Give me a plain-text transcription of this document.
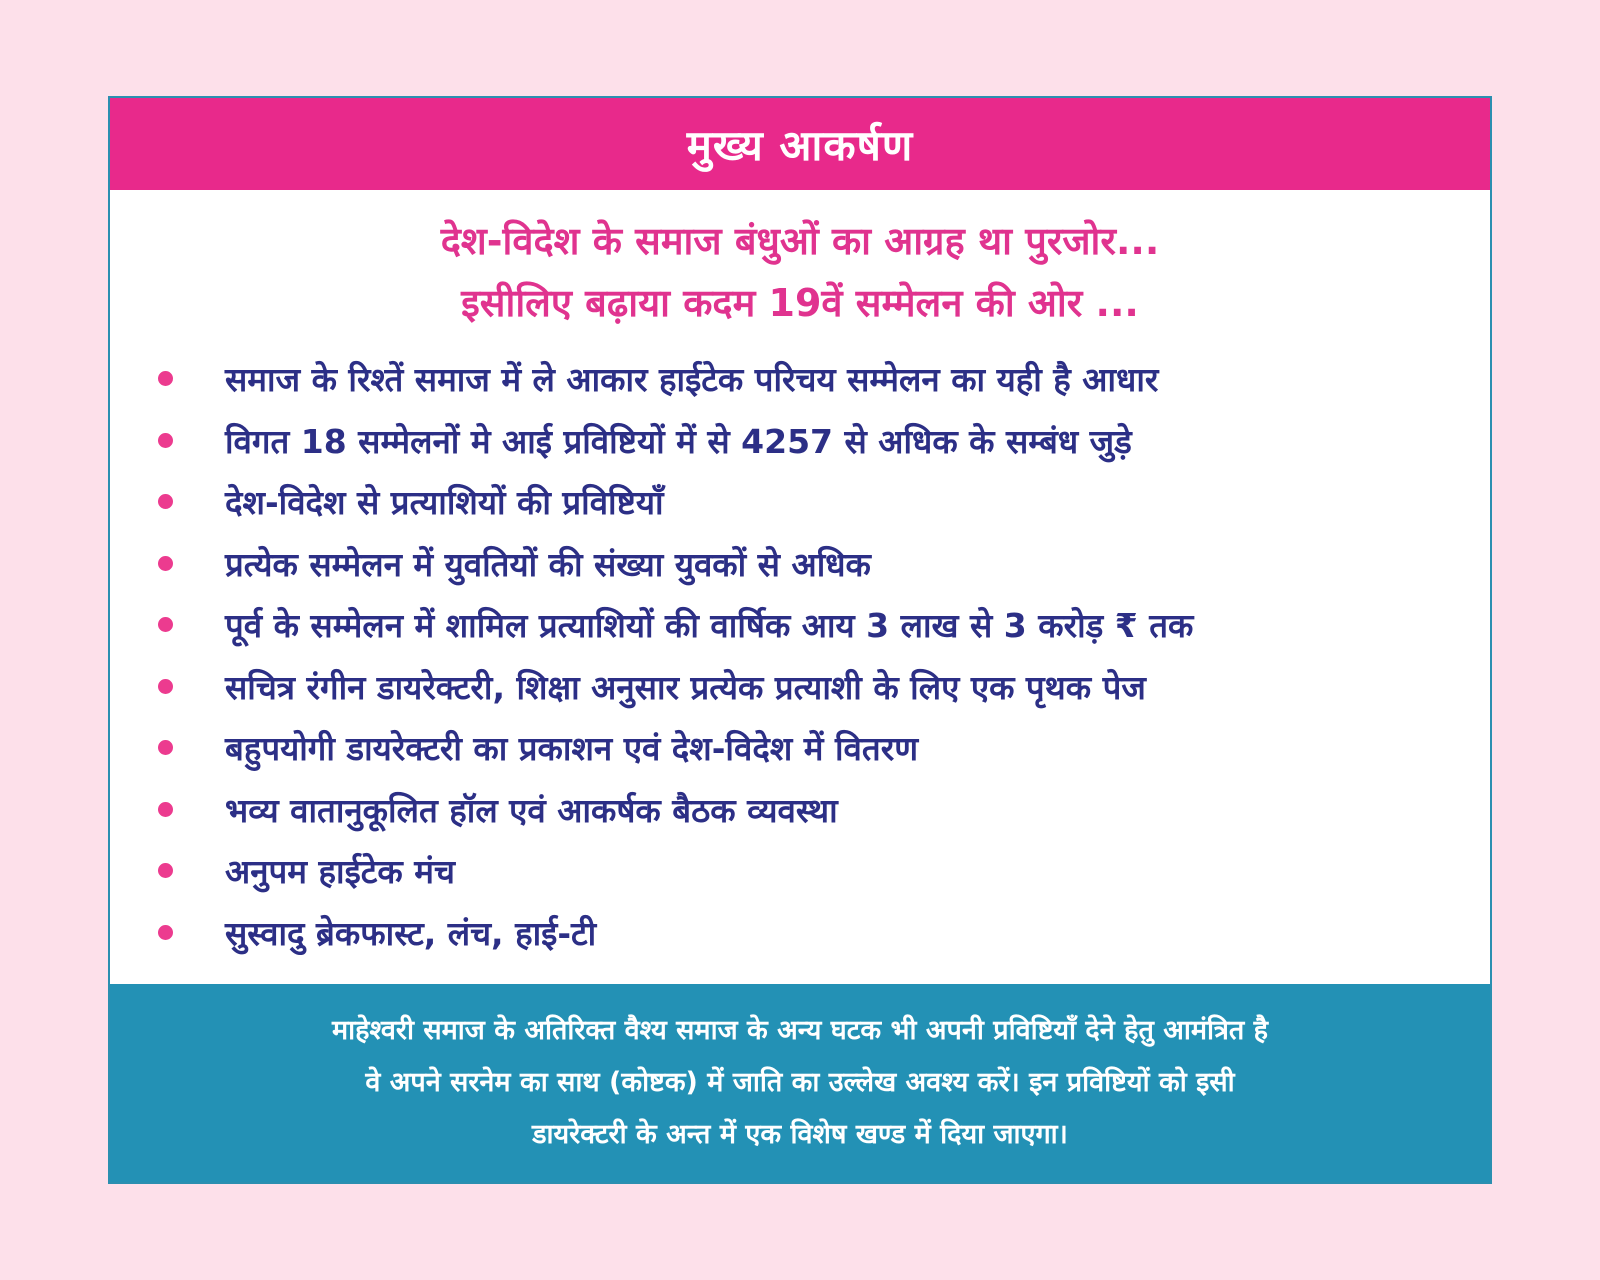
मुख्य आकर्षण
देश-विदेश के समाज बंधुओं का आग्रह था पुरजोर...
इसीलिए बढ़ाया कदम 19वें सम्मेलन की ओर ...
समाज के रिश्तें समाज में ले आकार हाईटेक परिचय सम्मेलन का यही है आधार
विगत 18 सम्मेलनों मे आई प्रविष्टियों में से 4257 से अधिक के सम्बंध जुड़े
देश-विदेश से प्रत्याशियों की प्रविष्टियाँ
प्रत्येक सम्मेलन में युवतियों की संख्या युवकों से अधिक
पूर्व के सम्मेलन में शामिल प्रत्याशियों की वार्षिक आय 3 लाख से 3 करोड़ ₹ तक
सचित्र रंगीन डायरेक्टरी, शिक्षा अनुसार प्रत्येक प्रत्याशी के लिए एक पृथक पेज
बहुपयोगी डायरेक्टरी का प्रकाशन एवं देश-विदेश में वितरण
भव्य वातानुकूलित हॉल एवं आकर्षक बैठक व्यवस्था
अनुपम हाईटेक मंच
सुस्वादु ब्रेकफास्ट, लंच, हाई-टी
माहेश्वरी समाज के अतिरिक्त वैश्य समाज के अन्य घटक भी अपनी प्रविष्टियाँ देने हेतु आमंत्रित है
वे अपने सरनेम का साथ (कोष्टक) में जाति का उल्लेख अवश्य करें। इन प्रविष्टियों को इसी
डायरेक्टरी के अन्त में एक विशेष खण्ड में दिया जाएगा।
